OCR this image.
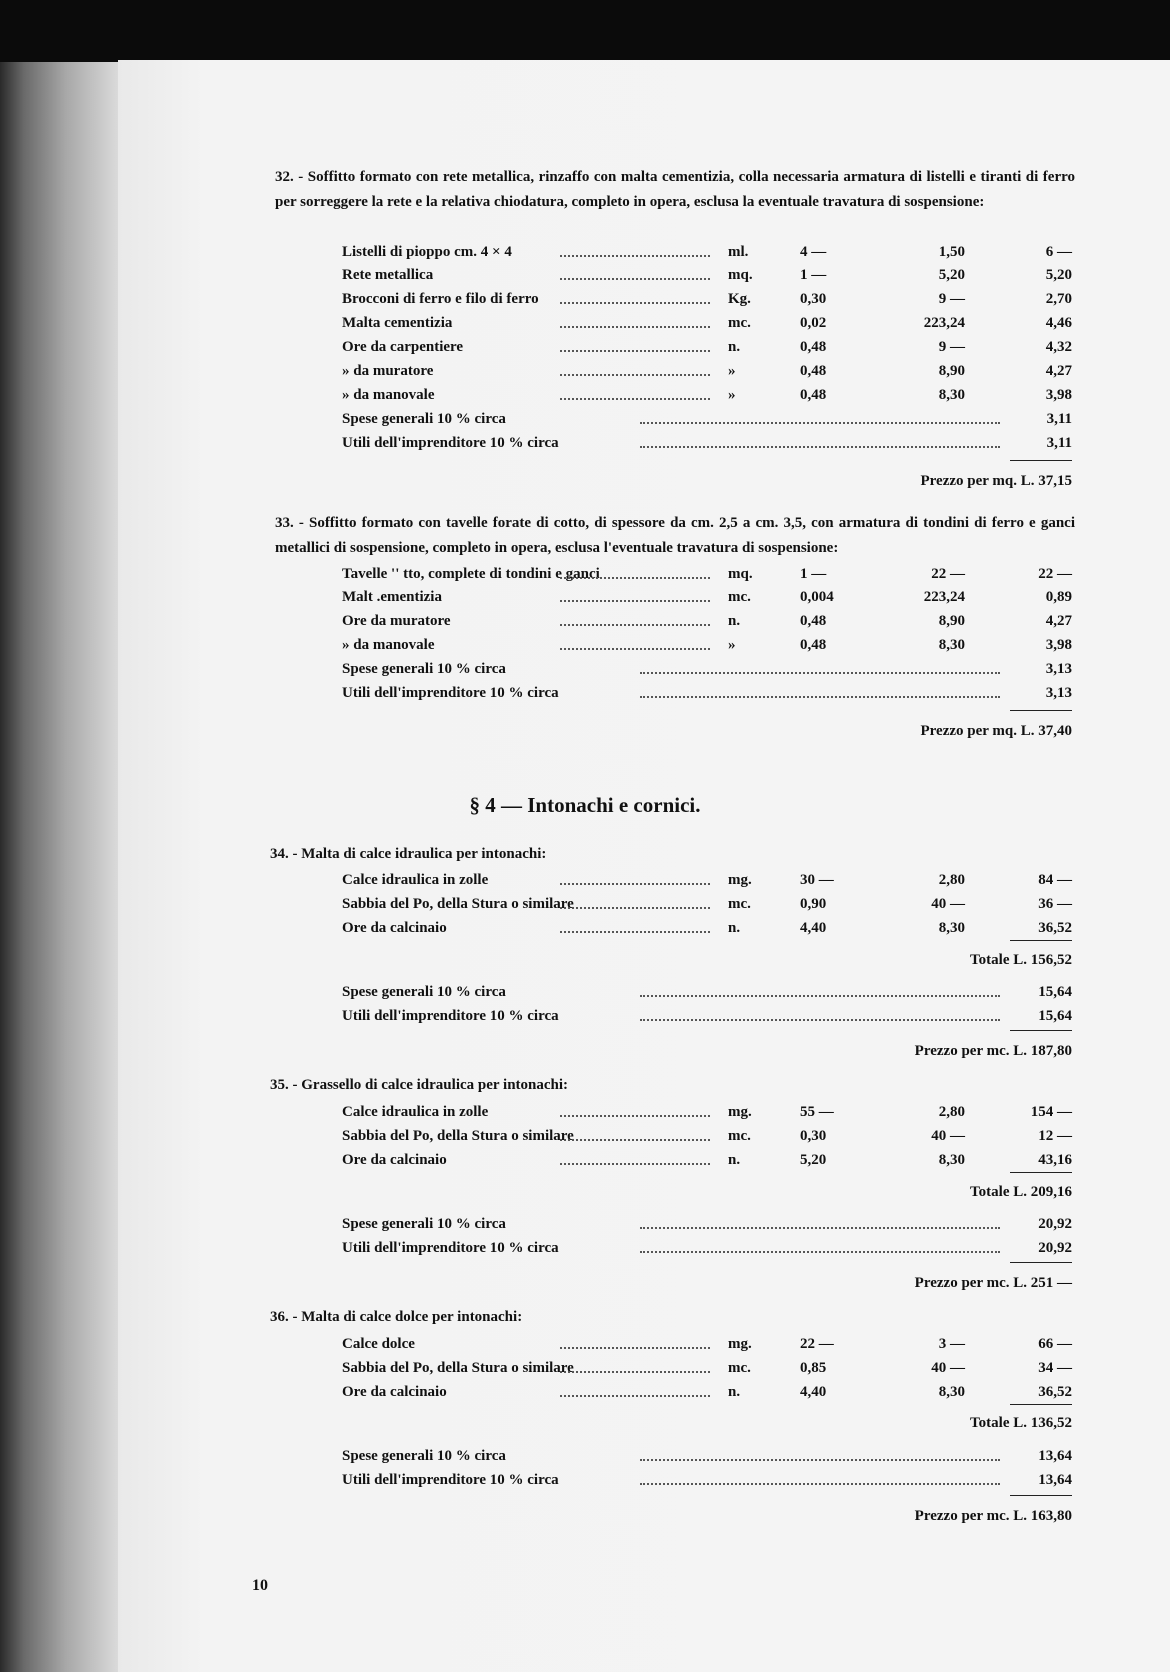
32. - Soffitto formato con rete metallica, rinzaffo con malta cementizia, colla necessaria armatura di listelli e tiranti di ferro per sorreggere la rete e la relativa chiodatura, completo in opera, esclusa la eventuale travatura di sospensione:
Listelli di pioppo cm. 4 × 4	ml.	4 —	1,50	6 —
Rete metallica	mq.	1 —	5,20	5,20
Brocconi di ferro e filo di ferro	Kg.	0,30	9 —	2,70
Malta cementizia	mc.	0,02	223,24	4,46
Ore da carpentiere	n.	0,48	9 —	4,32
» da muratore	»	0,48	8,90	4,27
» da manovale	»	0,48	8,30	3,98
Spese generali 10 % circa	3,11
Utili dell'imprenditore 10 % circa	3,11
Prezzo per mq. L. 37,15
33. - Soffitto formato con tavelle forate di cotto, di spessore da cm. 2,5 a cm. 3,5, con armatura di tondini di ferro e ganci metallici di sospensione, completo in opera, esclusa l'eventuale travatura di sospensione:
Tavelle '' tto, complete di tondini e ganci	mq.	1 —	22 —	22 —
Malt .ementizia	mc.	0,004	223,24	0,89
Ore da muratore	n.	0,48	8,90	4,27
» da manovale	»	0,48	8,30	3,98
Spese generali 10 % circa	3,13
Utili dell'imprenditore 10 % circa	3,13
Prezzo per mq. L. 37,40
34. - Malta di calce idraulica per intonachi:
Calce idraulica in zolle	mg.	30 —	2,80	84 —
Sabbia del Po, della Stura o similare	mc.	0,90	40 —	36 —
Ore da calcinaio	n.	4,40	8,30	36,52
Totale L. 156,52
Spese generali 10 % circa	15,64
Utili dell'imprenditore 10 % circa	15,64
Prezzo per mc. L. 187,80
35. - Grassello di calce idraulica per intonachi:
Calce idraulica in zolle	mg.	55 —	2,80	154 —
Sabbia del Po, della Stura o similare	mc.	0,30	40 —	12 —
Ore da calcinaio	n.	5,20	8,30	43,16
Totale L. 209,16
Spese generali 10 % circa	20,92
Utili dell'imprenditore 10 % circa	20,92
Prezzo per mc. L. 251 —
36. - Malta di calce dolce per intonachi:
Calce dolce	mg.	22 —	3 —	66 —
Sabbia del Po, della Stura o similare	mc.	0,85	40 —	34 —
Ore da calcinaio	n.	4,40	8,30	36,52
Totale L. 136,52
Spese generali 10 % circa	13,64
Utili dell'imprenditore 10 % circa	13,64
Prezzo per mc. L. 163,80
§ 4 — Intonachi e cornici.
10
